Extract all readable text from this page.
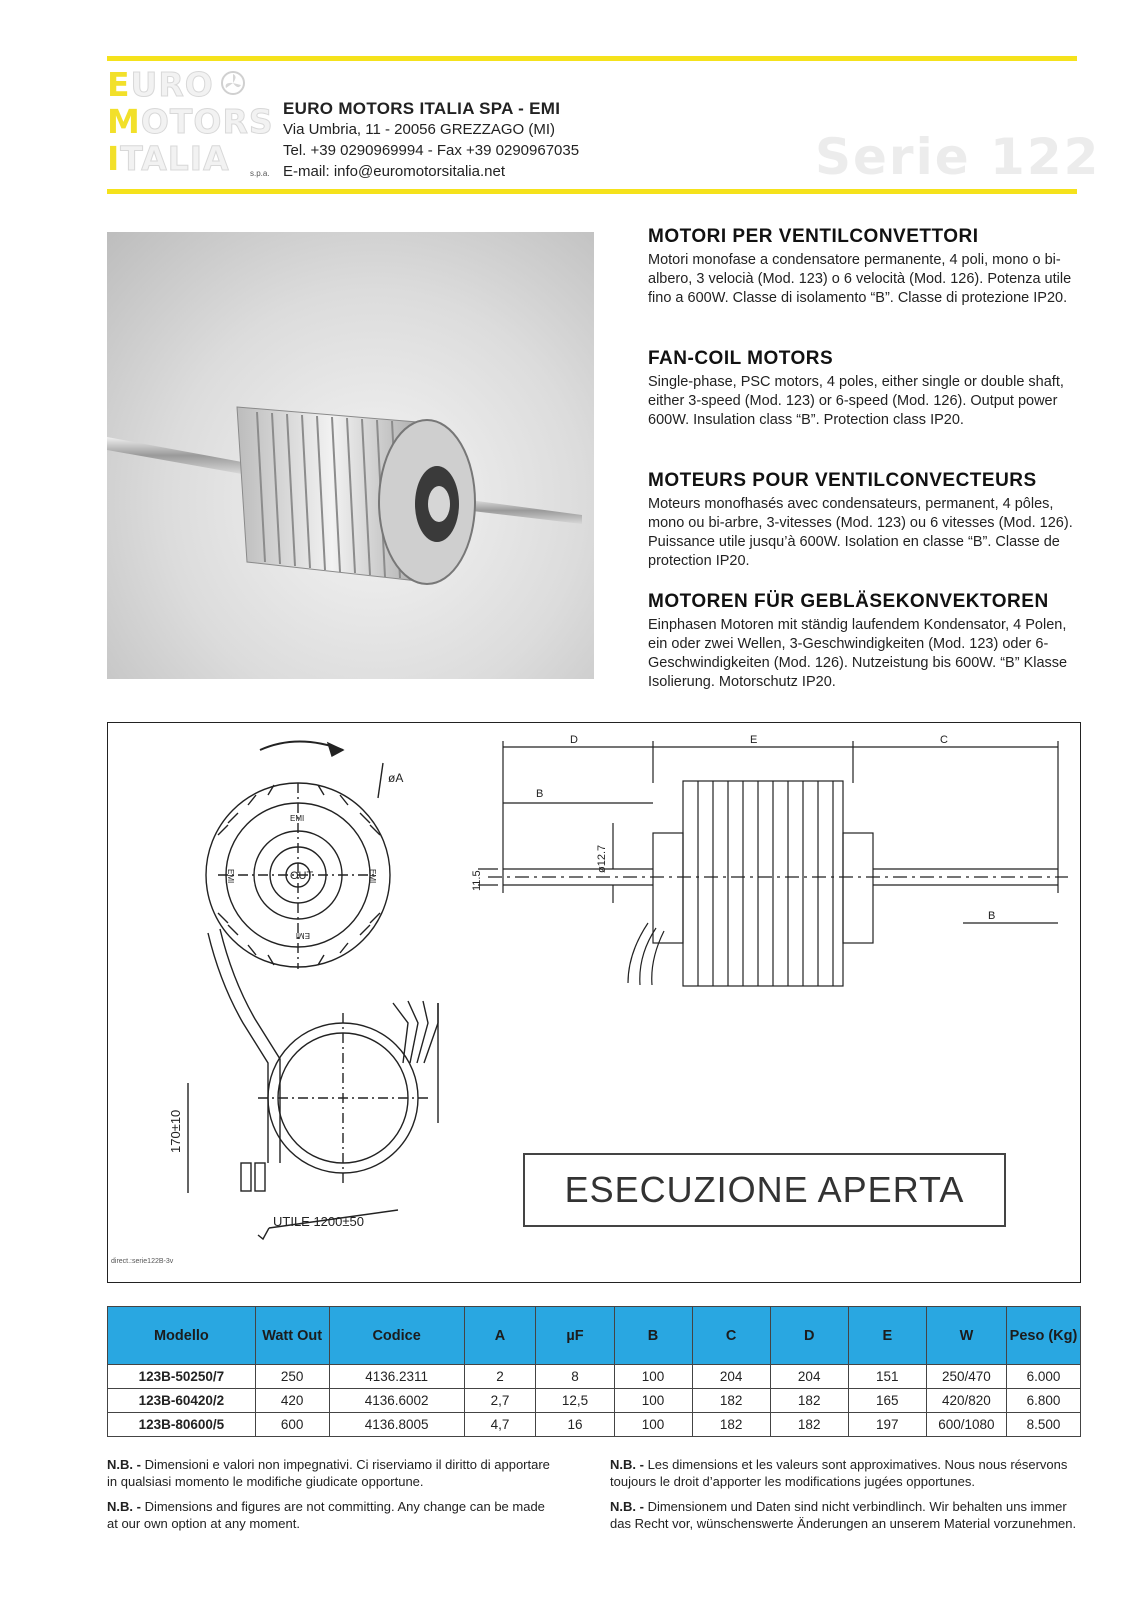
EURO
MOTORS
ITALIA	s.p.a.
EURO MOTORS ITALIA SPA - EMI
Via Umbria, 11 - 20056 GREZZAGO (MI)
Tel. +39 0290969994 - Fax +39 0290967035
E-mail: info@euromotorsitalia.net	Serie 122
MOTORI PER VENTILCONVETTORI

Motori monofase a condensatore permanente, 4 poli, mono o bi-albero, 3 velocià (Mod. 123) o 6 velocità (Mod. 126). Potenza utile fino a 600W. Classe di isolamento “B”. Classe di protezione IP20.

FAN-COIL MOTORS

Single-phase, PSC motors, 4 poles, either single or double shaft, either 3-speed (Mod. 123) or 6-speed (Mod. 126). Output power 600W. Insulation class “B”. Protection class IP20.

MOTEURS POUR VENTILCONVECTEURS

Moteurs monofhasés avec condensateurs, permanent, 4 pôles, mono ou bi-arbre, 3-vitesses (Mod. 123) ou 6 vitesses (Mod. 126). Puissance utile jusqu’à 600W. Isolation en classe “B”. Classe de protection IP20.

MOTOREN FÜR GEBLÄSEKONVEKTOREN

Einphasen Motoren mit ständig laufendem Kondensator, 4 Polen, ein oder zwei Wellen, 3-Geschwindigkeiten (Mod. 123) oder 6-Geschwindigkeiten (Mod. 126). Nutzeistung bis 600W. “B” Klasse Isolierung. Motorschutz IP20.

øA
EMI
EMI	EMI
EMI
OUT
170±10
UTILE 1200±50
D	E	C
B
B
ø12.7
11.5
ESECUZIONE APERTA
direct.:serie122B-3v
Modello	Watt Out	Codice	A	µF	B	C	D	E	W	Peso (Kg)
123B-50250/7	250	4136.2311	2	8	100	204	204	151	250/470	6.000
123B-60420/2	420	4136.6002	2,7	12,5	100	182	182	165	420/820	6.800
123B-80600/5	600	4136.8005	4,7	16	100	182	182	197	600/1080	8.500

N.B. - Dimensioni e valori non impegnativi. Ci riserviamo il diritto di apportare in qualsiasi momento le modifiche giudicate opportune.

N.B. - Dimensions and figures are not committing. Any change can be made at our own option at any moment.

N.B. - Les dimensions et les valeurs sont approximatives. Nous nous réservons toujours le droit d’apporter les modifications jugées opportunes.

N.B. - Dimensionem und Daten sind nicht verbindlinch. Wir behalten uns immer das Recht vor, wünschenswerte Änderungen an unserem Material vorzunehmen.
